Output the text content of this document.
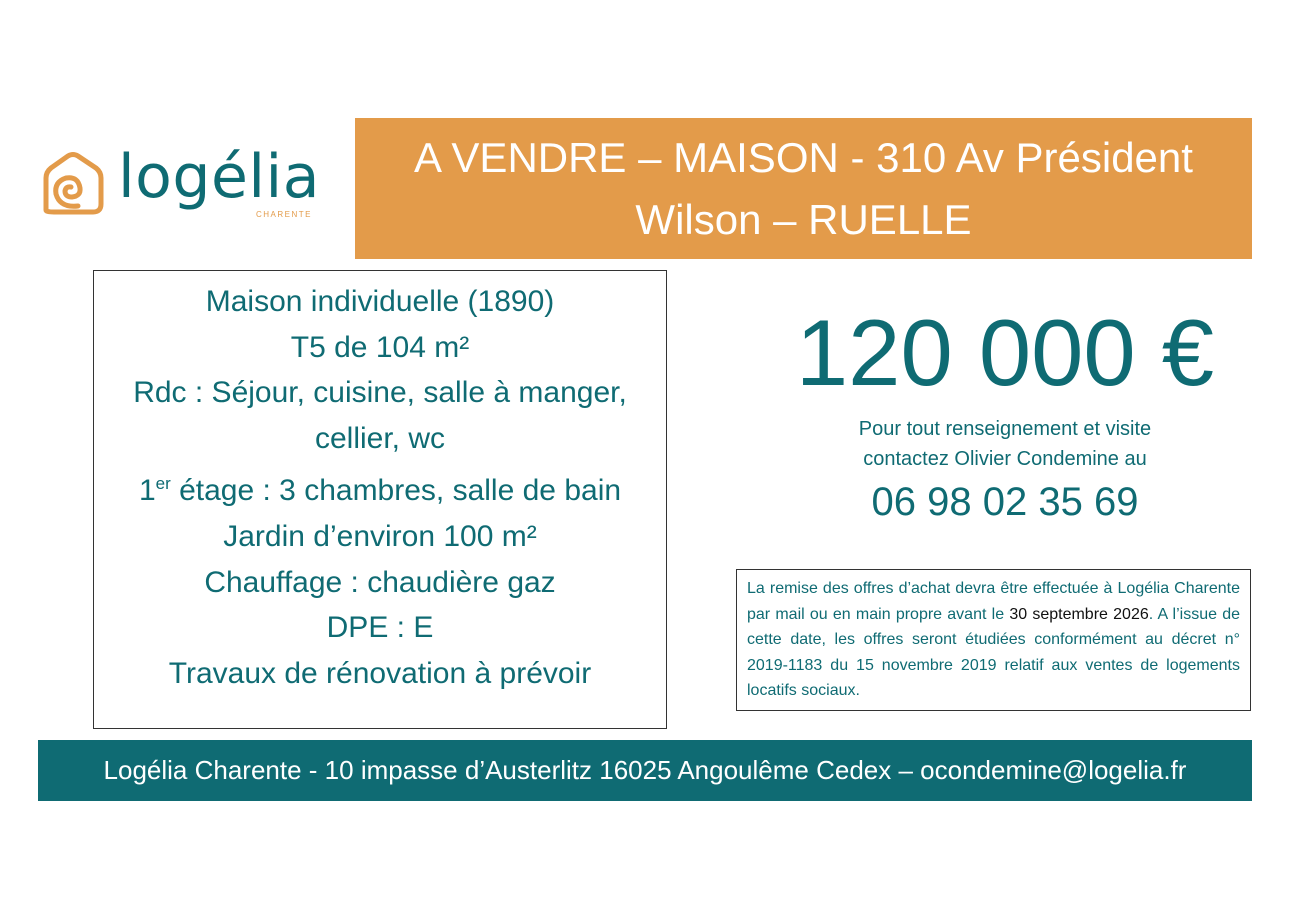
logélia
CHARENTE
A VENDRE – MAISON - 310 Av Président
Wilson – RUELLE
Maison individuelle (1890)
T5 de 104 m²
Rdc : Séjour, cuisine, salle à manger,
cellier, wc
1er étage : 3 chambres, salle de bain
Jardin d’environ 100 m²
Chauffage : chaudière gaz
DPE : E
Travaux de rénovation à prévoir
120 000 €
Pour tout renseignement et visite
contactez Olivier Condemine au
06 98 02 35 69
La remise des offres d’achat devra être effectuée à Logélia Charente par mail ou en main propre avant le 30 septembre 2026. A l’issue de cette date, les offres seront étudiées conformément au décret n° 2019-1183 du 15 novembre 2019 relatif aux ventes de logements locatifs sociaux.
Logélia Charente - 10 impasse d’Austerlitz 16025 Angoulême Cedex – ocondemine@logelia.fr
